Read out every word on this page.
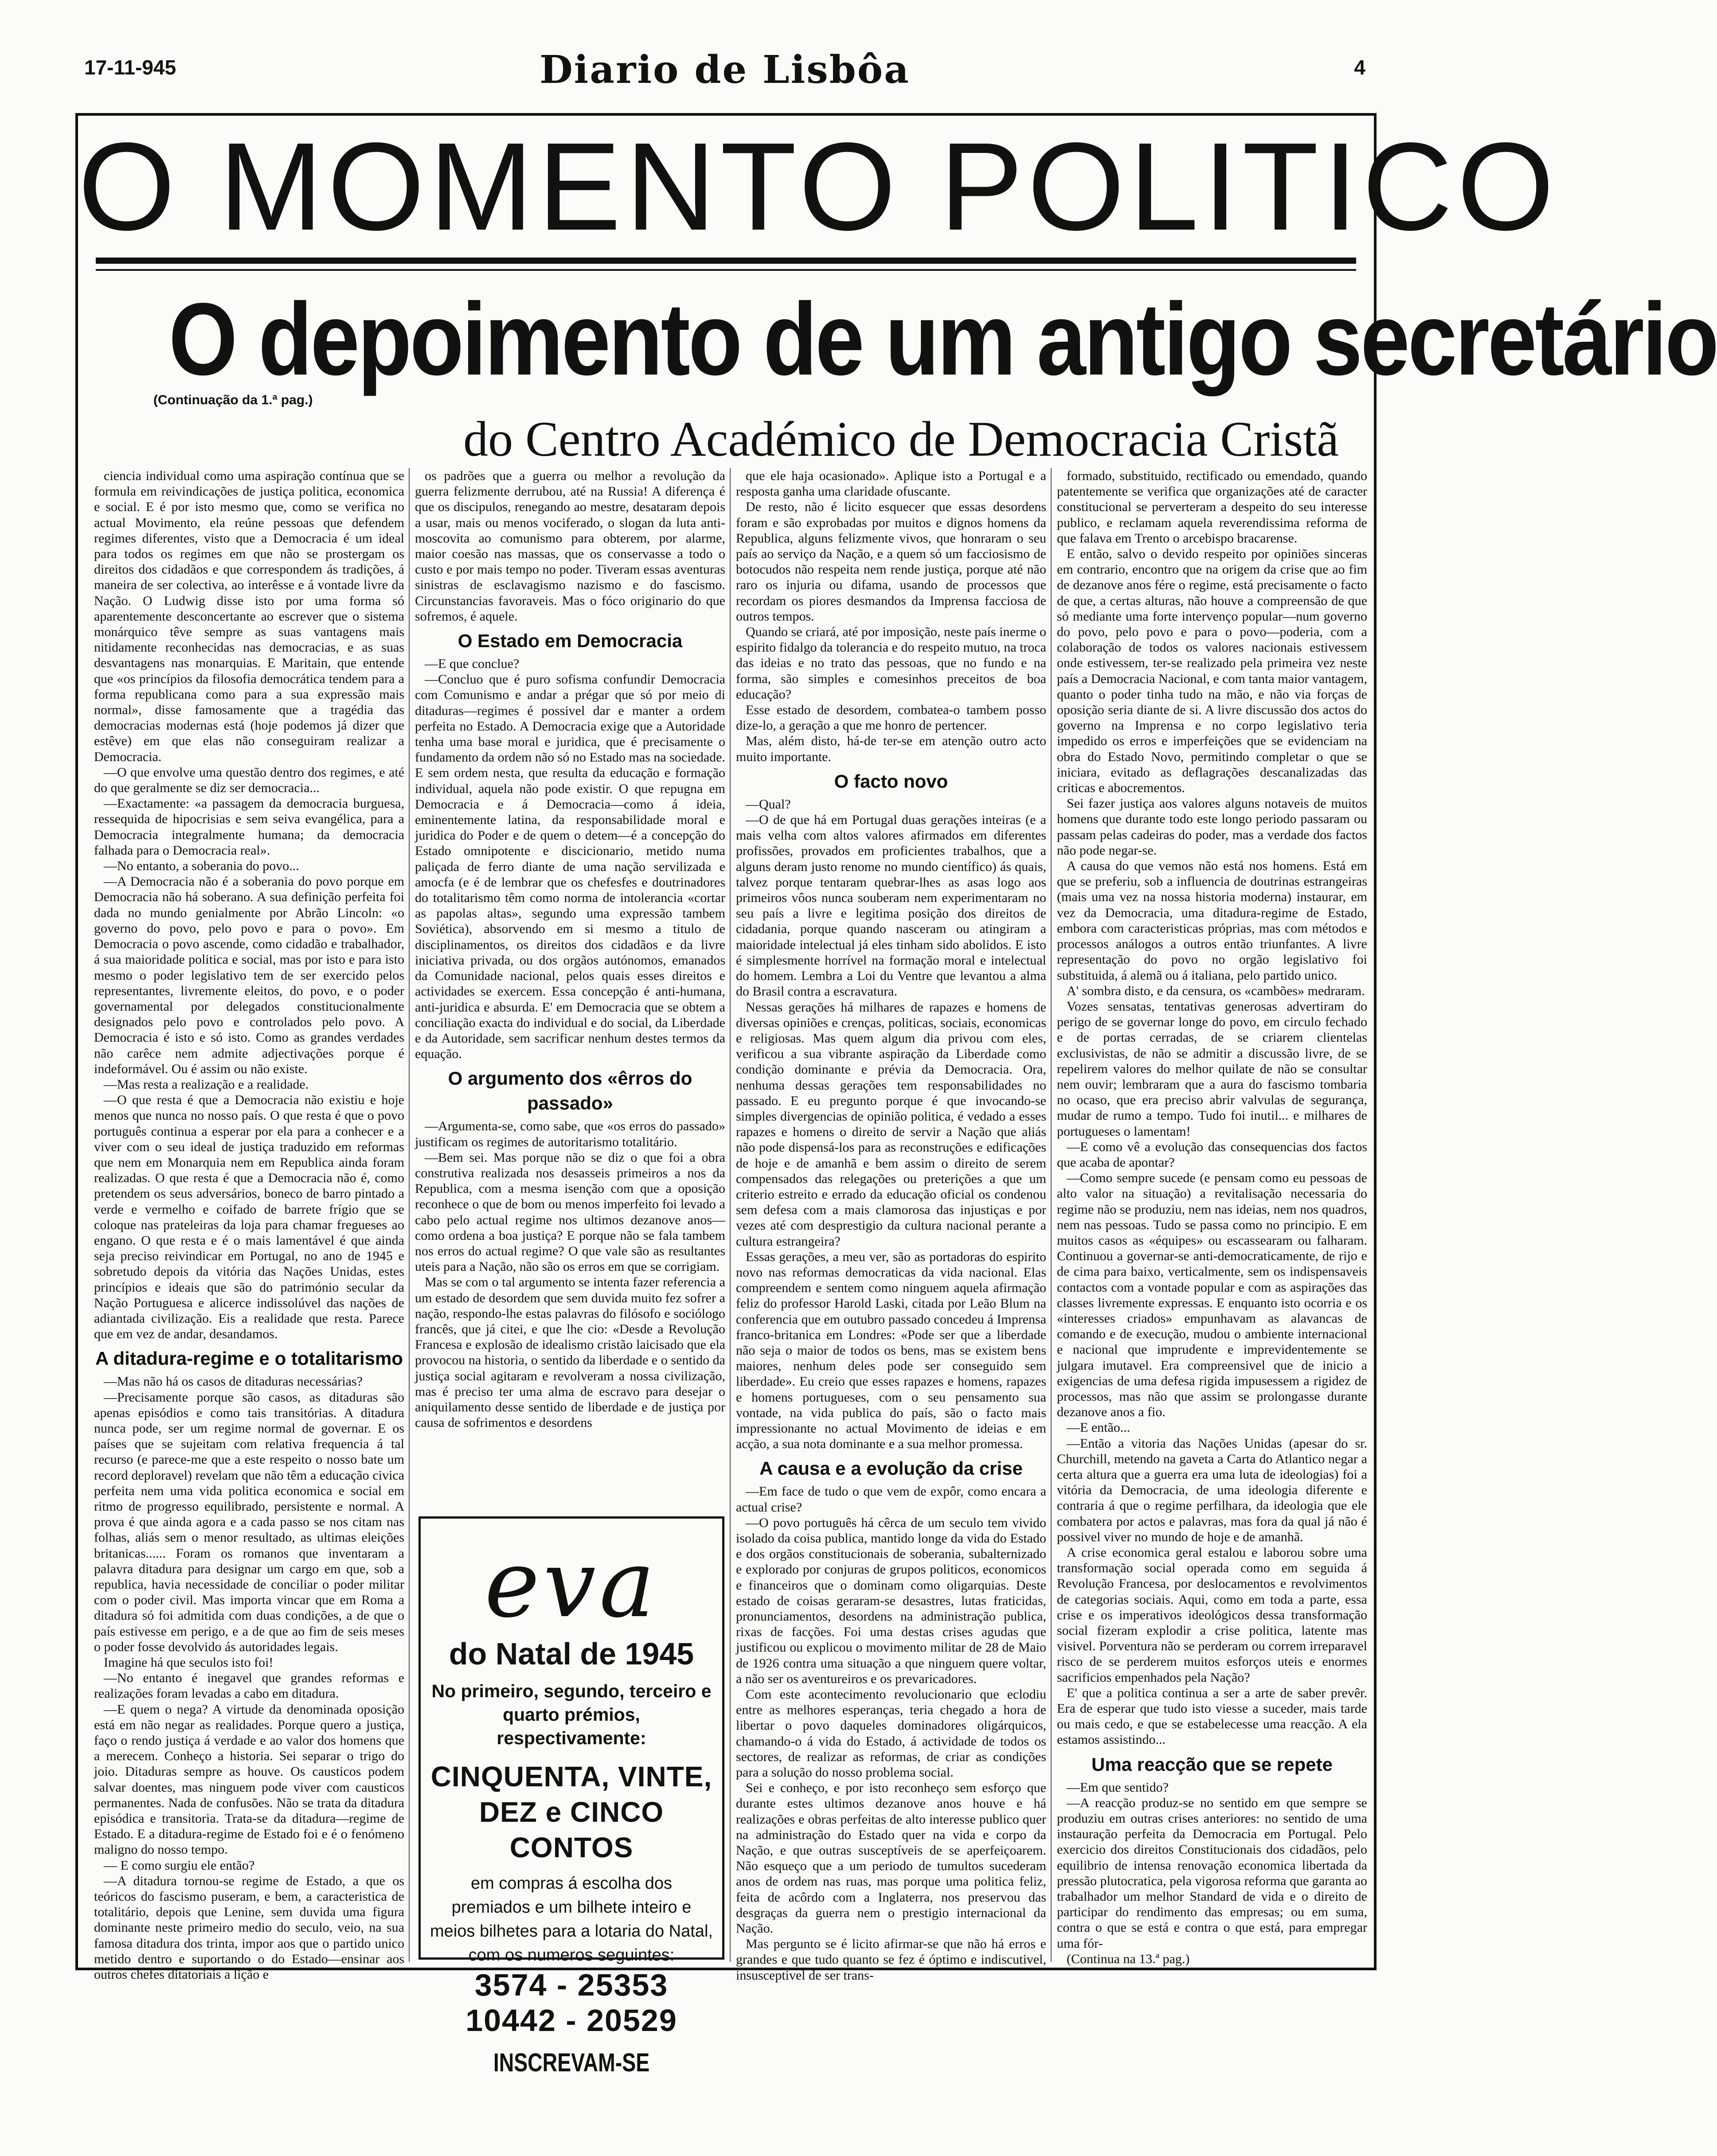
17-11-945	Diario de Lisbôa	4
O MOMENTO POLITICO
O depoimento de um antigo secretário
(Continuação da 1.ª pag.)
do Centro Académico de Democracia Cristã

ciencia individual como uma aspiração contínua que se formula em reivindicações de justiça politica, economica e social. E é por isto mesmo que, como se verifica no actual Movimento, ela reúne pessoas que defendem regimes diferentes, visto que a Democracia é um ideal para todos os regimes em que não se prostergam os direitos dos cidadãos e que correspondem ás tradições, á maneira de ser colectiva, ao interêsse e á vontade livre da Nação. O Ludwig disse isto por uma forma só aparentemente desconcertante ao escrever que o sistema monárquico têve sempre as suas vantagens mais nitidamente reconhecidas nas democracias, e as suas desvantagens nas monarquias. E Maritain, que entende que «os princípios da filosofia democrática tendem para a forma republicana como para a sua expressão mais normal», disse famosamente que a tragédia das democracias modernas está (hoje podemos já dizer que estêve) em que elas não conseguiram realizar a Democracia.

—O que envolve uma questão dentro dos regimes, e até do que geralmente se diz ser democracia...

—Exactamente: «a passagem da democracia burguesa, ressequida de hipocrisias e sem seiva evangélica, para a Democracia integralmente humana; da democracia falhada para o Democracia real».

—No entanto, a soberania do povo...

—A Democracia não é a soberania do povo porque em Democracia não há soberano. A sua definição perfeita foi dada no mundo genialmente por Abrão Lincoln: «o governo do povo, pelo povo e para o povo». Em Democracia o povo ascende, como cidadão e trabalhador, á sua maioridade politica e social, mas por isto e para isto mesmo o poder legislativo tem de ser exercido pelos representantes, livremente eleitos, do povo, e o poder governamental por delegados constitucionalmente designados pelo povo e controlados pelo povo. A Democracia é isto e só isto. Como as grandes verdades não carêce nem admite adjectivações porque é indeformável. Ou é assim ou não existe.

—Mas resta a realização e a realidade.

—O que resta é que a Democracia não existiu e hoje menos que nunca no nosso país. O que resta é que o povo português continua a esperar por ela para a conhecer e a viver com o seu ideal de justiça traduzido em reformas que nem em Monarquia nem em Republica ainda foram realizadas. O que resta é que a Democracia não é, como pretendem os seus adversários, boneco de barro pintado a verde e vermelho e coifado de barrete frígio que se coloque nas prateleiras da loja para chamar fregueses ao engano. O que resta e é o mais lamentável é que ainda seja preciso reivindicar em Portugal, no ano de 1945 e sobretudo depois da vitória das Nações Unidas, estes princípios e ideais que são do património secular da Nação Portuguesa e alicerce indissolúvel das nações de adiantada civilização. Eis a realidade que resta. Parece que em vez de andar, desandamos.

A ditadura-regime e o totalitarismo

—Mas não há os casos de ditaduras necessárias?

—Precisamente porque são casos, as ditaduras são apenas episódios e como tais transitórias. A ditadura nunca pode, ser um regime normal de governar. E os países que se sujeitam com relativa frequencia á tal recurso (e parece-me que a este respeito o nosso bate um record deploravel) revelam que não têm a educação civica perfeita nem uma vida politica economica e social em ritmo de progresso equilibrado, persistente e normal. A prova é que ainda agora e a cada passo se nos citam nas folhas, aliás sem o menor resultado, as ultimas eleições britanicas...... Foram os romanos que inventaram a palavra ditadura para designar um cargo em que, sob a republica, havia necessidade de conciliar o poder militar com o poder civil. Mas importa vincar que em Roma a ditadura só foi admitida com duas condições, a de que o país estivesse em perigo, e a de que ao fim de seis meses o poder fosse devolvido ás autoridades legais.

Imagine há que seculos isto foi!

—No entanto é inegavel que grandes reformas e realizações foram levadas a cabo em ditadura.

—E quem o nega? A virtude da denominada oposição está em não negar as realidades. Porque quero a justiça, faço o rendo justiça á verdade e ao valor dos homens que a merecem. Conheço a historia. Sei separar o trigo do joio. Ditaduras sempre as houve. Os causticos podem salvar doentes, mas ninguem pode viver com causticos permanentes. Nada de confusões. Não se trata da ditadura episódica e transitoria. Trata-se da ditadura—regime de Estado. E a ditadura-regime de Estado foi e é o fenómeno maligno do nosso tempo.

— E como surgiu ele então?

—A ditadura tornou-se regime de Estado, a que os teóricos do fascismo puseram, e bem, a caracteristica de totalitário, depois que Lenine, sem duvida uma figura dominante neste primeiro medio do seculo, veio, na sua famosa ditadura dos trinta, impor aos que o partido unico metido dentro e suportando o do Estado—ensinar aos outros chefes ditatoriais a lição e

os padrões que a guerra ou melhor a revolução da guerra felizmente derrubou, até na Russia! A diferença é que os discipulos, renegando ao mestre, desataram depois a usar, mais ou menos vociferado, o slogan da luta anti-moscovita ao comunismo para obterem, por alarme, maior coesão nas massas, que os conservasse a todo o custo e por mais tempo no poder. Tiveram essas aventuras sinistras de esclavagismo nazismo e do fascismo. Circunstancias favoraveis. Mas o fóco originario do que sofremos, é aquele.

O Estado em Democracia

—E que conclue?

—Concluo que é puro sofisma confundir Democracia com Comunismo e andar a prégar que só por meio di ditaduras—regimes é possivel dar e manter a ordem perfeita no Estado. A Democracia exige que a Autoridade tenha uma base moral e juridica, que é precisamente o fundamento da ordem não só no Estado mas na sociedade. E sem ordem nesta, que resulta da educação e formação individual, aquela não pode existir. O que repugna em Democracia e á Democracia—como á ideia, eminentemente latina, da responsabilidade moral e juridica do Poder e de quem o detem—é a concepção do Estado omnipotente e discicionario, metido numa paliçada de ferro diante de uma nação servilizada e amocfa (e é de lembrar que os chefesfes e doutrinadores do totalitarismo têm como norma de intolerancia «cortar as papolas altas», segundo uma expressão tambem Soviética), absorvendo em si mesmo a titulo de disciplinamentos, os direitos dos cidadãos e da livre iniciativa privada, ou dos orgãos autónomos, emanados da Comunidade nacional, pelos quais esses direitos e actividades se exercem. Essa concepção é anti-humana, anti-juridica e absurda. E' em Democracia que se obtem a conciliação exacta do individual e do social, da Liberdade e da Autoridade, sem sacrificar nenhum destes termos da equação.

O argumento dos «êrros do passado»

—Argumenta-se, como sabe, que «os erros do passado» justificam os regimes de autoritarismo totalitário.

—Bem sei. Mas porque não se diz o que foi a obra construtiva realizada nos desasseis primeiros a nos da Republica, com a mesma isenção com que a oposição reconhece o que de bom ou menos imperfeito foi levado a cabo pelo actual regime nos ultimos dezanove anos—como ordena a boa justiça? E porque não se fala tambem nos erros do actual regime? O que vale são as resultantes uteis para a Nação, não são os erros em que se corrigiam.

Mas se com o tal argumento se intenta fazer referencia a um estado de desordem que sem duvida muito fez sofrer a nação, respondo-lhe estas palavras do filósofo e sociólogo francês, que já citei, e que lhe cio: «Desde a Revolução Francesa e explosão de idealismo cristão laicisado que ela provocou na historia, o sentido da liberdade e o sentido da justiça social agitaram e revolveram a nossa civilização, mas é preciso ter uma alma de escravo para desejar o aniquilamento desse sentido de liberdade e de justiça por causa de sofrimentos e desordens

que ele haja ocasionado». Aplique isto a Portugal e a resposta ganha uma claridade ofuscante.

De resto, não é licito esquecer que essas desordens foram e são exprobadas por muitos e dignos homens da Republica, alguns felizmente vivos, que honraram o seu país ao serviço da Nação, e a quem só um facciosismo de botocudos não respeita nem rende justiça, porque até não raro os injuria ou difama, usando de processos que recordam os piores desmandos da Imprensa facciosa de outros tempos.

Quando se criará, até por imposição, neste país inerme o espirito fidalgo da tolerancia e do respeito mutuo, na troca das ideias e no trato das pessoas, que no fundo e na forma, são simples e comesinhos preceitos de boa educação?

Esse estado de desordem, combatea-o tambem posso dize-lo, a geração a que me honro de pertencer.

Mas, além disto, há-de ter-se em atenção outro acto muito importante.

O facto novo

—Qual?

—O de que há em Portugal duas gerações inteiras (e a mais velha com altos valores afirmados em diferentes profissões, provados em proficientes trabalhos, que a alguns deram justo renome no mundo científico) ás quais, talvez porque tentaram quebrar-lhes as asas logo aos primeiros vôos nunca souberam nem experimentaram no seu país a livre e legitima posição dos direitos de cidadania, porque quando nasceram ou atingiram a maioridade intelectual já eles tinham sido abolidos. E isto é simplesmente horrível na formação moral e intelectual do homem. Lembra a Loi du Ventre que levantou a alma do Brasil contra a escravatura.

Nessas gerações há milhares de rapazes e homens de diversas opiniões e crenças, politicas, sociais, economicas e religiosas. Mas quem algum dia privou com eles, verificou a sua vibrante aspiração da Liberdade como condição dominante e prévia da Democracia. Ora, nenhuma dessas gerações tem responsabilidades no passado. E eu pregunto porque é que invocando-se simples divergencias de opinião politica, é vedado a esses rapazes e homens o direito de servir a Nação que aliás não pode dispensá-los para as reconstruções e edificações de hoje e de amanhã e bem assim o direito de serem compensados das relegações ou preterições a que um criterio estreito e errado da educação oficial os condenou sem defesa com a mais clamorosa das injustiças e por vezes até com desprestigio da cultura nacional perante a cultura estrangeira?

Essas gerações, a meu ver, são as portadoras do espirito novo nas reformas democraticas da vida nacional. Elas compreendem e sentem como ninguem aquela afirmação feliz do professor Harold Laski, citada por Leão Blum na conferencia que em outubro passado concedeu á Imprensa franco-britanica em Londres: «Pode ser que a liberdade não seja o maior de todos os bens, mas se existem bens maiores, nenhum deles pode ser conseguido sem liberdade». Eu creio que esses rapazes e homens, rapazes e homens portugueses, com o seu pensamento sua vontade, na vida publica do país, são o facto mais impressionante no actual Movimento de ideias e em acção, a sua nota dominante e a sua melhor promessa.

A causa e a evolução da crise

—Em face de tudo o que vem de expôr, como encara a actual crise?

—O povo português há cêrca de um seculo tem vivido isolado da coisa publica, mantido longe da vida do Estado e dos orgãos constitucionais de soberania, subalternizado e explorado por conjuras de grupos politicos, economicos e financeiros que o dominam como oligarquias. Deste estado de coisas geraram-se desastres, lutas fraticidas, pronunciamentos, desordens na administração publica, rixas de facções. Foi uma destas crises agudas que justificou ou explicou o movimento militar de 28 de Maio de 1926 contra uma situação a que ninguem quere voltar, a não ser os aventureiros e os prevaricadores.

Com este acontecimento revolucionario que eclodiu entre as melhores esperanças, teria chegado a hora de libertar o povo daqueles dominadores oligárquicos, chamando-o á vida do Estado, á actividade de todos os sectores, de realizar as reformas, de criar as condições para a solução do nosso problema social.

Sei e conheço, e por isto reconheço sem esforço que durante estes ultimos dezanove anos houve e há realizações e obras perfeitas de alto interesse publico quer na administração do Estado quer na vida e corpo da Nação, e que outras susceptíveis de se aperfeiçoarem. Não esqueço que a um periodo de tumultos sucederam anos de ordem nas ruas, mas porque uma politica feliz, feita de acôrdo com a Inglaterra, nos preservou das desgraças da guerra nem o prestigio internacional da Nação.

Mas pergunto se é licito afirmar-se que não há erros e grandes e que tudo quanto se fez é óptimo e indiscutivel, insusceptivel de ser trans-

formado, substituido, rectificado ou emendado, quando patentemente se verifica que organizações até de caracter constitucional se perverteram a despeito do seu interesse publico, e reclamam aquela reverendissima reforma de que falava em Trento o arcebispo bracarense.

E então, salvo o devido respeito por opiniões sinceras em contrario, encontro que na origem da crise que ao fim de dezanove anos fére o regime, está precisamente o facto de que, a certas alturas, não houve a compreensão de que só mediante uma forte intervenço popular—num governo do povo, pelo povo e para o povo—poderia, com a colaboração de todos os valores nacionais estivessem onde estivessem, ter-se realizado pela primeira vez neste país a Democracia Nacional, e com tanta maior vantagem, quanto o poder tinha tudo na mão, e não via forças de oposição seria diante de si. A livre discussão dos actos do governo na Imprensa e no corpo legislativo teria impedido os erros e imperfeições que se evidenciam na obra do Estado Novo, permitindo completar o que se iniciara, evitado as deflagrações descanalizadas das criticas e abocrementos.

Sei fazer justiça aos valores alguns notaveis de muitos homens que durante todo este longo periodo passaram ou passam pelas cadeiras do poder, mas a verdade dos factos não pode negar-se.

A causa do que vemos não está nos homens. Está em que se preferiu, sob a influencia de doutrinas estrangeiras (mais uma vez na nossa historia moderna) instaurar, em vez da Democracia, uma ditadura-regime de Estado, embora com caracteristicas próprias, mas com métodos e processos análogos a outros então triunfantes. A livre representação do povo no orgão legislativo foi substituida, á alemã ou á italiana, pelo partido unico.

A' sombra disto, e da censura, os «cambões» medraram.

Vozes sensatas, tentativas generosas advertiram do perigo de se governar longe do povo, em circulo fechado e de portas cerradas, de se criarem clientelas exclusivistas, de não se admitir a discussão livre, de se repelirem valores do melhor quilate de não se consultar nem ouvir; lembraram que a aura do fascismo tombaria no ocaso, que era preciso abrir valvulas de segurança, mudar de rumo a tempo. Tudo foi inutil... e milhares de portugueses o lamentam!

—E como vê a evolução das consequencias dos factos que acaba de apontar?

—Como sempre sucede (e pensam como eu pessoas de alto valor na situação) a revitalisação necessaria do regime não se produziu, nem nas ideias, nem nos quadros, nem nas pessoas. Tudo se passa como no principio. E em muitos casos as «équipes» ou escassearam ou falharam. Continuou a governar-se anti-democraticamente, de rijo e de cima para baixo, verticalmente, sem os indispensaveis contactos com a vontade popular e com as aspirações das classes livremente expressas. E enquanto isto ocorria e os «interesses criados» empunhavam as alavancas de comando e de execução, mudou o ambiente internacional e nacional que imprudente e imprevidentemente se julgara imutavel. Era compreensivel que de inicio a exigencias de uma defesa rigida impusessem a rigidez de processos, mas não que assim se prolongasse durante dezanove anos a fio.

—E então...

—Então a vitoria das Nações Unidas (apesar do sr. Churchill, metendo na gaveta a Carta do Atlantico negar a certa altura que a guerra era uma luta de ideologias) foi a vitória da Democracia, de uma ideologia diferente e contraria á que o regime perfilhara, da ideologia que ele combatera por actos e palavras, mas fora da qual já não é possivel viver no mundo de hoje e de amanhã.

A crise economica geral estalou e laborou sobre uma transformação social operada como em seguida á Revolução Francesa, por deslocamentos e revolvimentos de categorias sociais. Aqui, como em toda a parte, essa crise e os imperativos ideológicos dessa transformação social fizeram explodir a crise politica, latente mas visivel. Porventura não se perderam ou correm irreparavel risco de se perderem muitos esforços uteis e enormes sacrificios empenhados pela Nação?

E' que a politica continua a ser a arte de saber prevêr. Era de esperar que tudo isto viesse a suceder, mais tarde ou mais cedo, e que se estabelecesse uma reacção. A ela estamos assistindo...

Uma reacção que se repete

—Em que sentido?

—A reacção produz-se no sentido em que sempre se produziu em outras crises anteriores: no sentido de uma instauração perfeita da Democracia em Portugal. Pelo exercicio dos direitos Constitucionais dos cidadãos, pelo equilibrio de intensa renovação economica libertada da pressão plutocratica, pela vigorosa reforma que garanta ao trabalhador um melhor Standard de vida e o direito de participar do rendimento das empresas; ou em suma, contra o que se está e contra o que está, para empregar uma fór-

(Continua na 13.ª pag.)

eva
do Natal de 1945
No primeiro, segundo, terceiro e quarto prémios, respectivamente:
CINQUENTA, VINTE, DEZ e CINCO CONTOS
em compras á escolha dos premiados e um bilhete inteiro e meios bilhetes para a lotaria do Natal, com os numeros seguintes:
3574 - 25353
10442 - 20529
INSCREVAM-SE
